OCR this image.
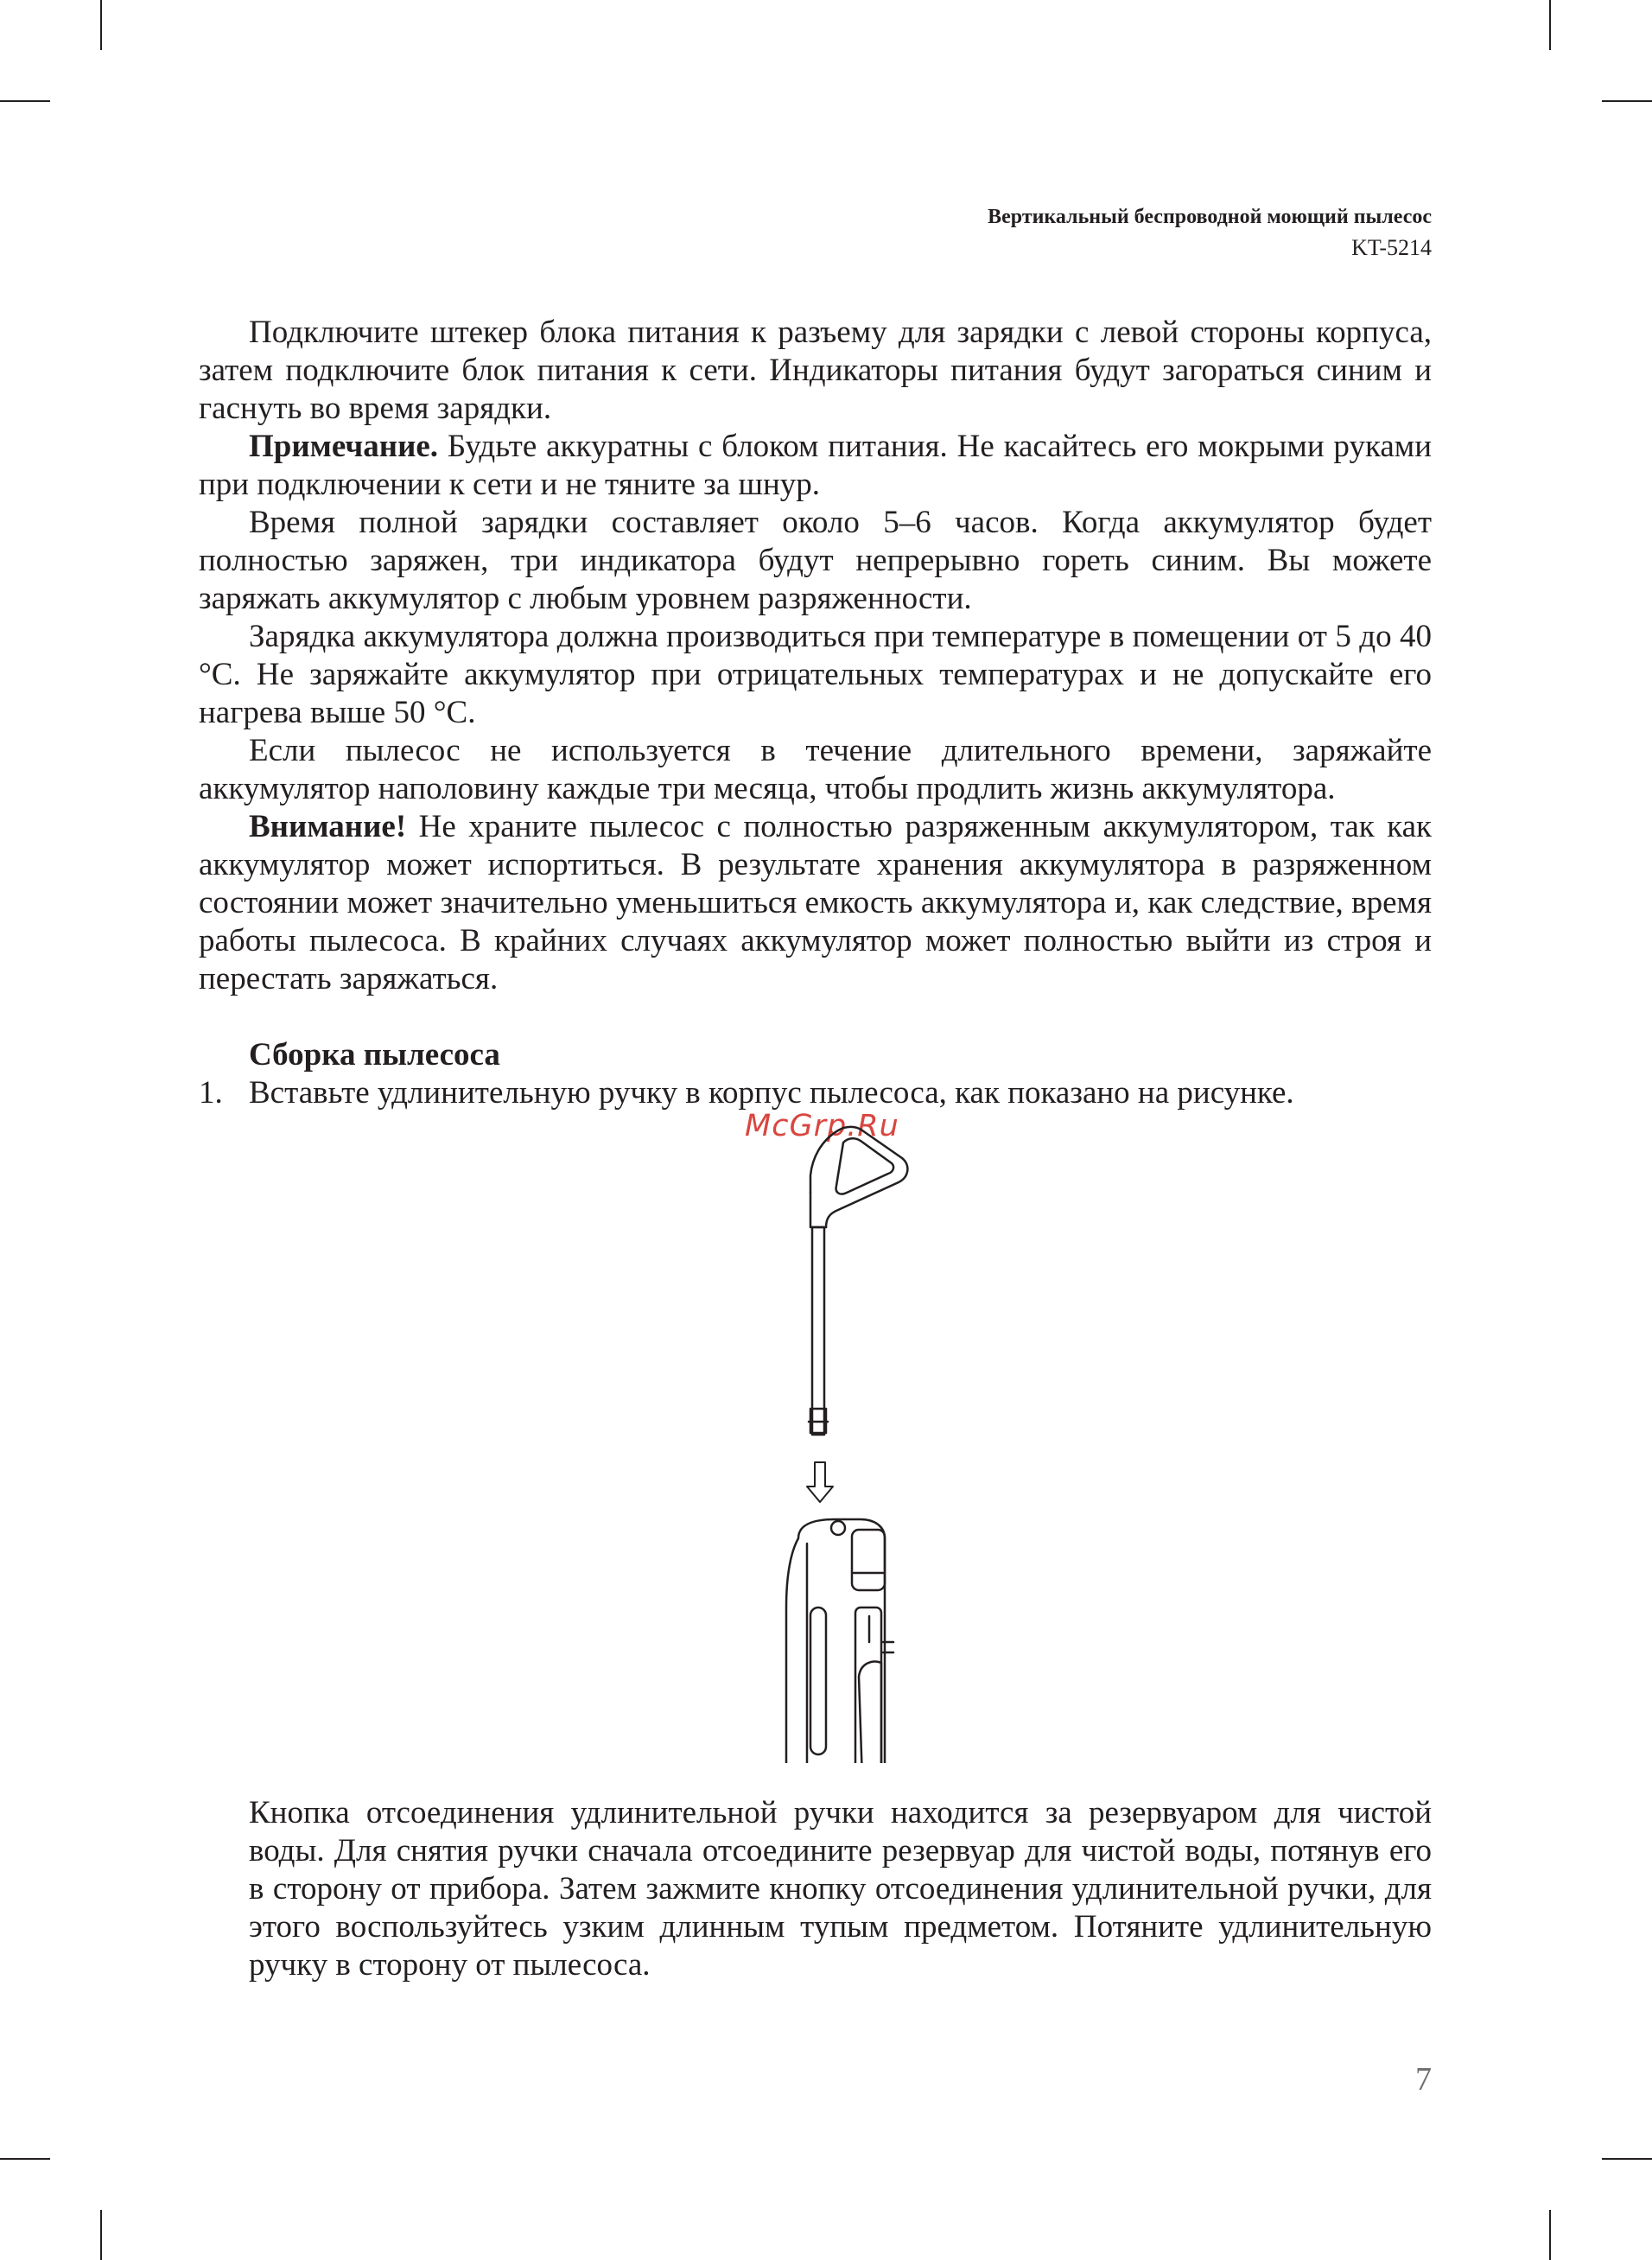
Вертикальный беспроводной моющий пылесос
KT-5214

Подключите штекер блока питания к разъему для зарядки с левой стороны корпуса, затем подключите блок питания к сети. Индикаторы питания будут загораться синим и гаснуть во время зарядки.

Примечание. Будьте аккуратны с блоком питания. Не касайтесь его мокрыми руками при подключении к сети и не тяните за шнур.

Время полной зарядки составляет около 5–6 часов. Когда аккумулятор будет полностью заряжен, три индикатора будут непрерывно гореть синим. Вы можете заряжать аккумулятор с любым уровнем разряженности.

Зарядка аккумулятора должна производиться при температуре в помещении от 5 до 40 °C. Не заряжайте аккумулятор при отрицательных температурах и не допускайте его нагрева выше 50 °C.

Если пылесос не используется в течение длительного времени, заряжайте аккумулятор наполовину каждые три месяца, чтобы продлить жизнь аккумулятора.

Внимание! Не храните пылесос с полностью разряженным аккумулятором, так как аккумулятор может испортиться. В результате хранения аккумулятора в разряженном состоянии может значительно уменьшиться емкость аккумулятора и, как следствие, время работы пылесоса. В крайних случаях аккумулятор может полностью выйти из строя и перестать заряжаться.

Сборка пылесоса
1. Вставьте удлинительную ручку в корпус пылесоса, как показано на рисунке.
McGrp.Ru

Кнопка отсоединения удлинительной ручки находится за резервуаром для чистой воды. Для снятия ручки сначала отсоедините резервуар для чистой воды, потянув его в сторону от прибора. Затем зажмите кнопку отсоединения удлинительной ручки, для этого воспользуйтесь узким длинным тупым предметом. Потяните удлинительную ручку в сторону от пылесоса.

7
